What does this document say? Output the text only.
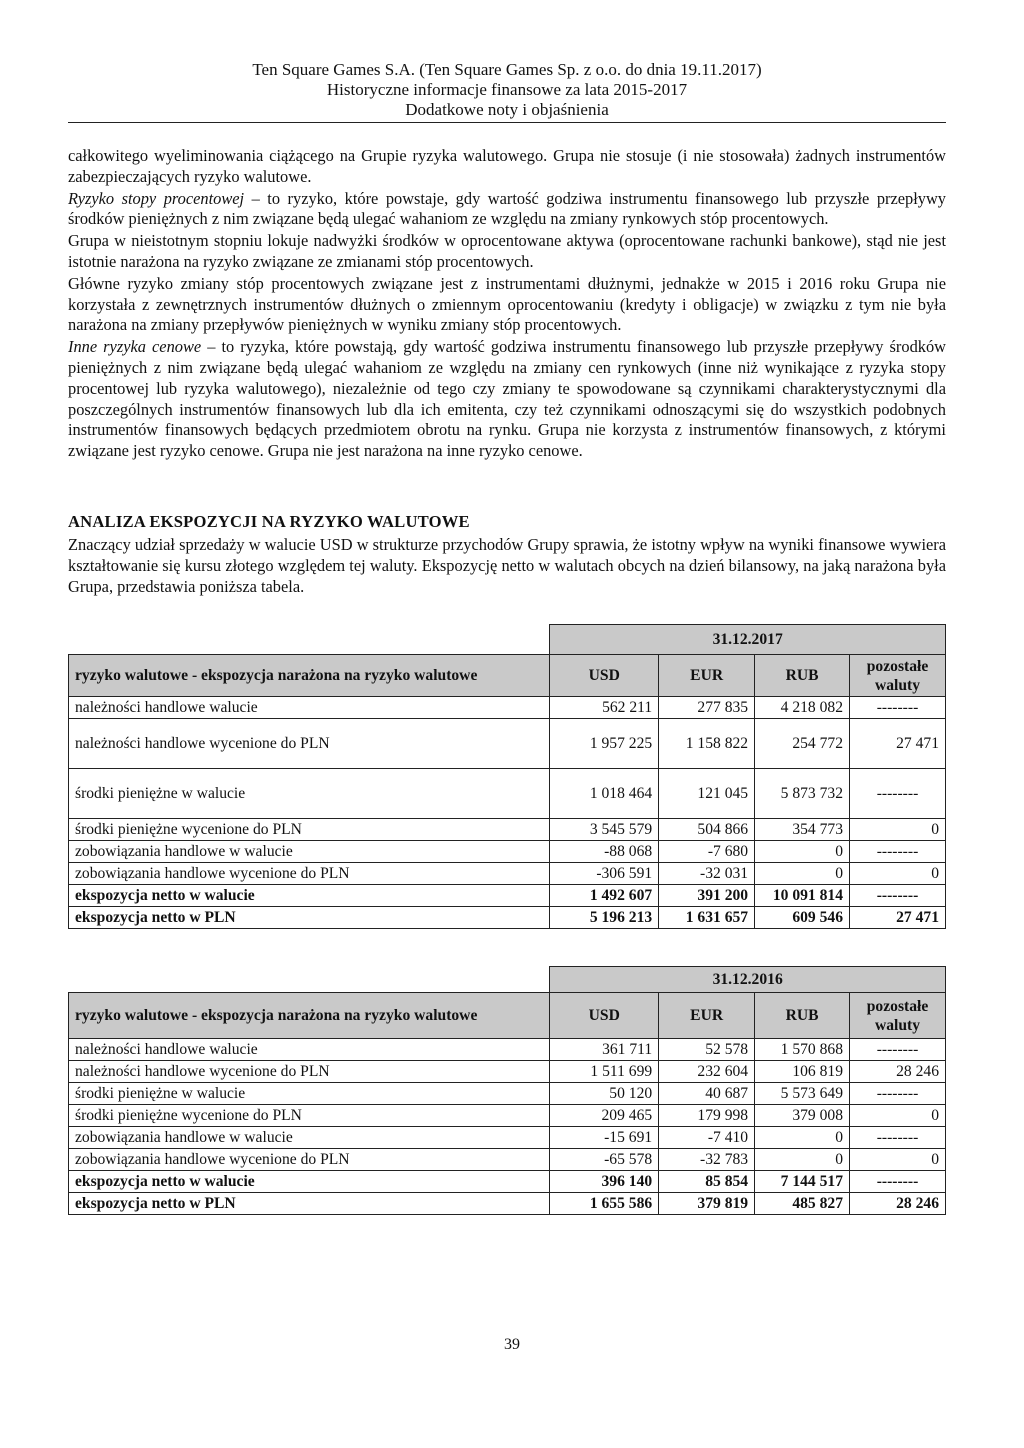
Ten Square Games S.A. (Ten Square Games Sp. z o.o. do dnia 19.11.2017)
Historyczne informacje finansowe za lata 2015-2017
Dodatkowe noty i objaśnienia

całkowitego wyeliminowania ciążącego na Grupie ryzyka walutowego. Grupa nie stosuje (i nie stosowała) żadnych instrumentów zabezpieczających ryzyko walutowe.

Ryzyko stopy procentowej – to ryzyko, które powstaje, gdy wartość godziwa instrumentu finansowego lub przyszłe przepływy środków pieniężnych z nim związane będą ulegać wahaniom ze względu na zmiany rynkowych stóp procentowych.

Grupa w nieistotnym stopniu lokuje nadwyżki środków w oprocentowane aktywa (oprocentowane rachunki bankowe), stąd nie jest istotnie narażona na ryzyko związane ze zmianami stóp procentowych.

Główne ryzyko zmiany stóp procentowych związane jest z instrumentami dłużnymi, jednakże w 2015 i 2016 roku Grupa nie korzystała z zewnętrznych instrumentów dłużnych o zmiennym oprocentowaniu (kredyty i obligacje) w związku z tym nie była narażona na zmiany przepływów pieniężnych w wyniku zmiany stóp procentowych.

Inne ryzyka cenowe – to ryzyka, które powstają, gdy wartość godziwa instrumentu finansowego lub przyszłe przepływy środków pieniężnych z nim związane będą ulegać wahaniom ze względu na zmiany cen rynkowych (inne niż wynikające z ryzyka stopy procentowej lub ryzyka walutowego), niezależnie od tego czy zmiany te spowodowane są czynnikami charakterystycznymi dla poszczególnych instrumentów finansowych lub dla ich emitenta, czy też czynnikami odnoszącymi się do wszystkich podobnych instrumentów finansowych będących przedmiotem obrotu na rynku. Grupa nie korzysta z instrumentów finansowych, z którymi związane jest ryzyko cenowe. Grupa nie jest narażona na inne ryzyko cenowe.

ANALIZA EKSPOZYCJI NA RYZYKO WALUTOWE
Znaczący udział sprzedaży w walucie USD w strukturze przychodów Grupy sprawia, że istotny wpływ na wyniki finansowe wywiera kształtowanie się kursu złotego względem tej waluty. Ekspozycję netto w walutach obcych na dzień bilansowy, na jaką narażona była Grupa, przedstawia poniższa tabela.
	31.12.2017			
ryzyko walutowe - ekspozycja narażona na ryzyko walutowe	USD	EUR	RUB	pozostałe
waluty
należności handlowe walucie	562 211	277 835	4 218 082	--------
należności handlowe wycenione do PLN	1 957 225	1 158 822	254 772	27 471
środki pieniężne w walucie	1 018 464	121 045	5 873 732	--------
środki pieniężne wycenione do PLN	3 545 579	504 866	354 773	0
zobowiązania handlowe w walucie	-88 068	-7 680	0	--------
zobowiązania handlowe wycenione do PLN	-306 591	-32 031	0	0
ekspozycja netto w walucie	1 492 607	391 200	10 091 814	--------
ekspozycja netto w PLN	5 196 213	1 631 657	609 546	27 471
	31.12.2016			
ryzyko walutowe - ekspozycja narażona na ryzyko walutowe	USD	EUR	RUB	pozostałe
waluty
należności handlowe walucie	361 711	52 578	1 570 868	--------
należności handlowe wycenione do PLN	1 511 699	232 604	106 819	28 246
środki pieniężne w walucie	50 120	40 687	5 573 649	--------
środki pieniężne wycenione do PLN	209 465	179 998	379 008	0
zobowiązania handlowe w walucie	-15 691	-7 410	0	--------
zobowiązania handlowe wycenione do PLN	-65 578	-32 783	0	0
ekspozycja netto w walucie	396 140	85 854	7 144 517	--------
ekspozycja netto w PLN	1 655 586	379 819	485 827	28 246
39
